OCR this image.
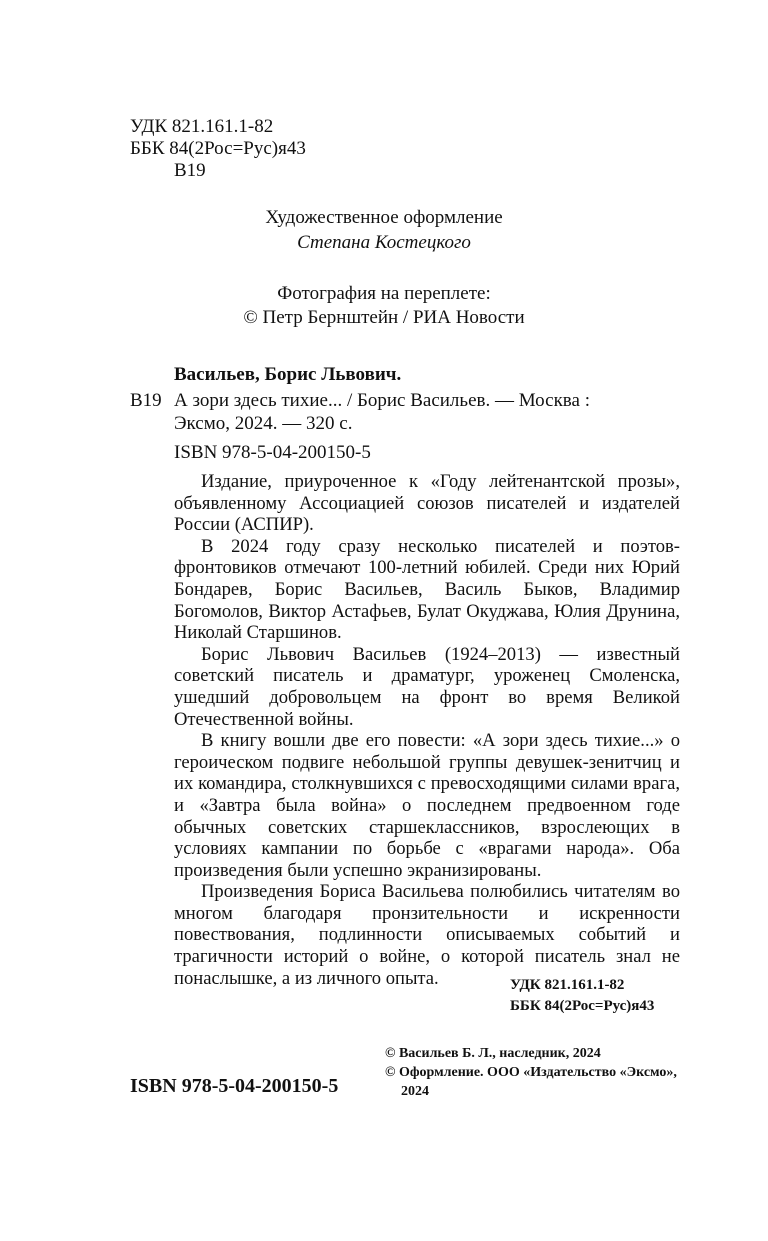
УДК 821.161.1-82
ББК 84(2Рос=Рус)я43
В19
Художественное оформление
Степана Костецкого
Фотография на переплете:
© Петр Бернштейн / РИА Новости
Васильев, Борис Львович.
В19 А зори здесь тихие... / Борис Васильев. — Москва :
Эксмо, 2024. — 320 с.
ISBN 978-5-04-200150-5

Издание, приуроченное к «Году лейтенантской прозы», объявленному Ассоциацией союзов писателей и издателей России (АСПИР).

В 2024 году сразу несколько писателей и поэтов-фронтовиков отмечают 100-летний юбилей. Среди них Юрий Бондарев, Борис Васильев, Василь Быков, Владимир Богомолов, Виктор Астафьев, Булат Окуджава, Юлия Друнина, Николай Старшинов.

Борис Львович Васильев (1924–2013) — известный советский писатель и драматург, уроженец Смоленска, ушедший добровольцем на фронт во время Великой Отечественной войны.

В книгу вошли две его повести: «А зори здесь тихие...» о героическом подвиге небольшой группы девушек-зенитчиц и их командира, столкнувшихся с превосходящими силами врага, и «Завтра была война» о последнем предвоенном годе обычных советских старшеклассников, взрослеющих в условиях кампании по борьбе с «врагами народа». Оба произведения были успешно экранизированы.

Произведения Бориса Васильева полюбились читателям во многом благодаря пронзительности и искренности повествования, подлинности описываемых событий и трагичности историй о войне, о которой писатель знал не понаслышке, а из личного опыта.	УДК 821.161.1-82
ББК 84(2Рос=Рус)я43
© Васильев Б. Л., наследник, 2024
© Оформление. ООО «Издательство «Эксмо»,
2024
ISBN 978-5-04-200150-5
